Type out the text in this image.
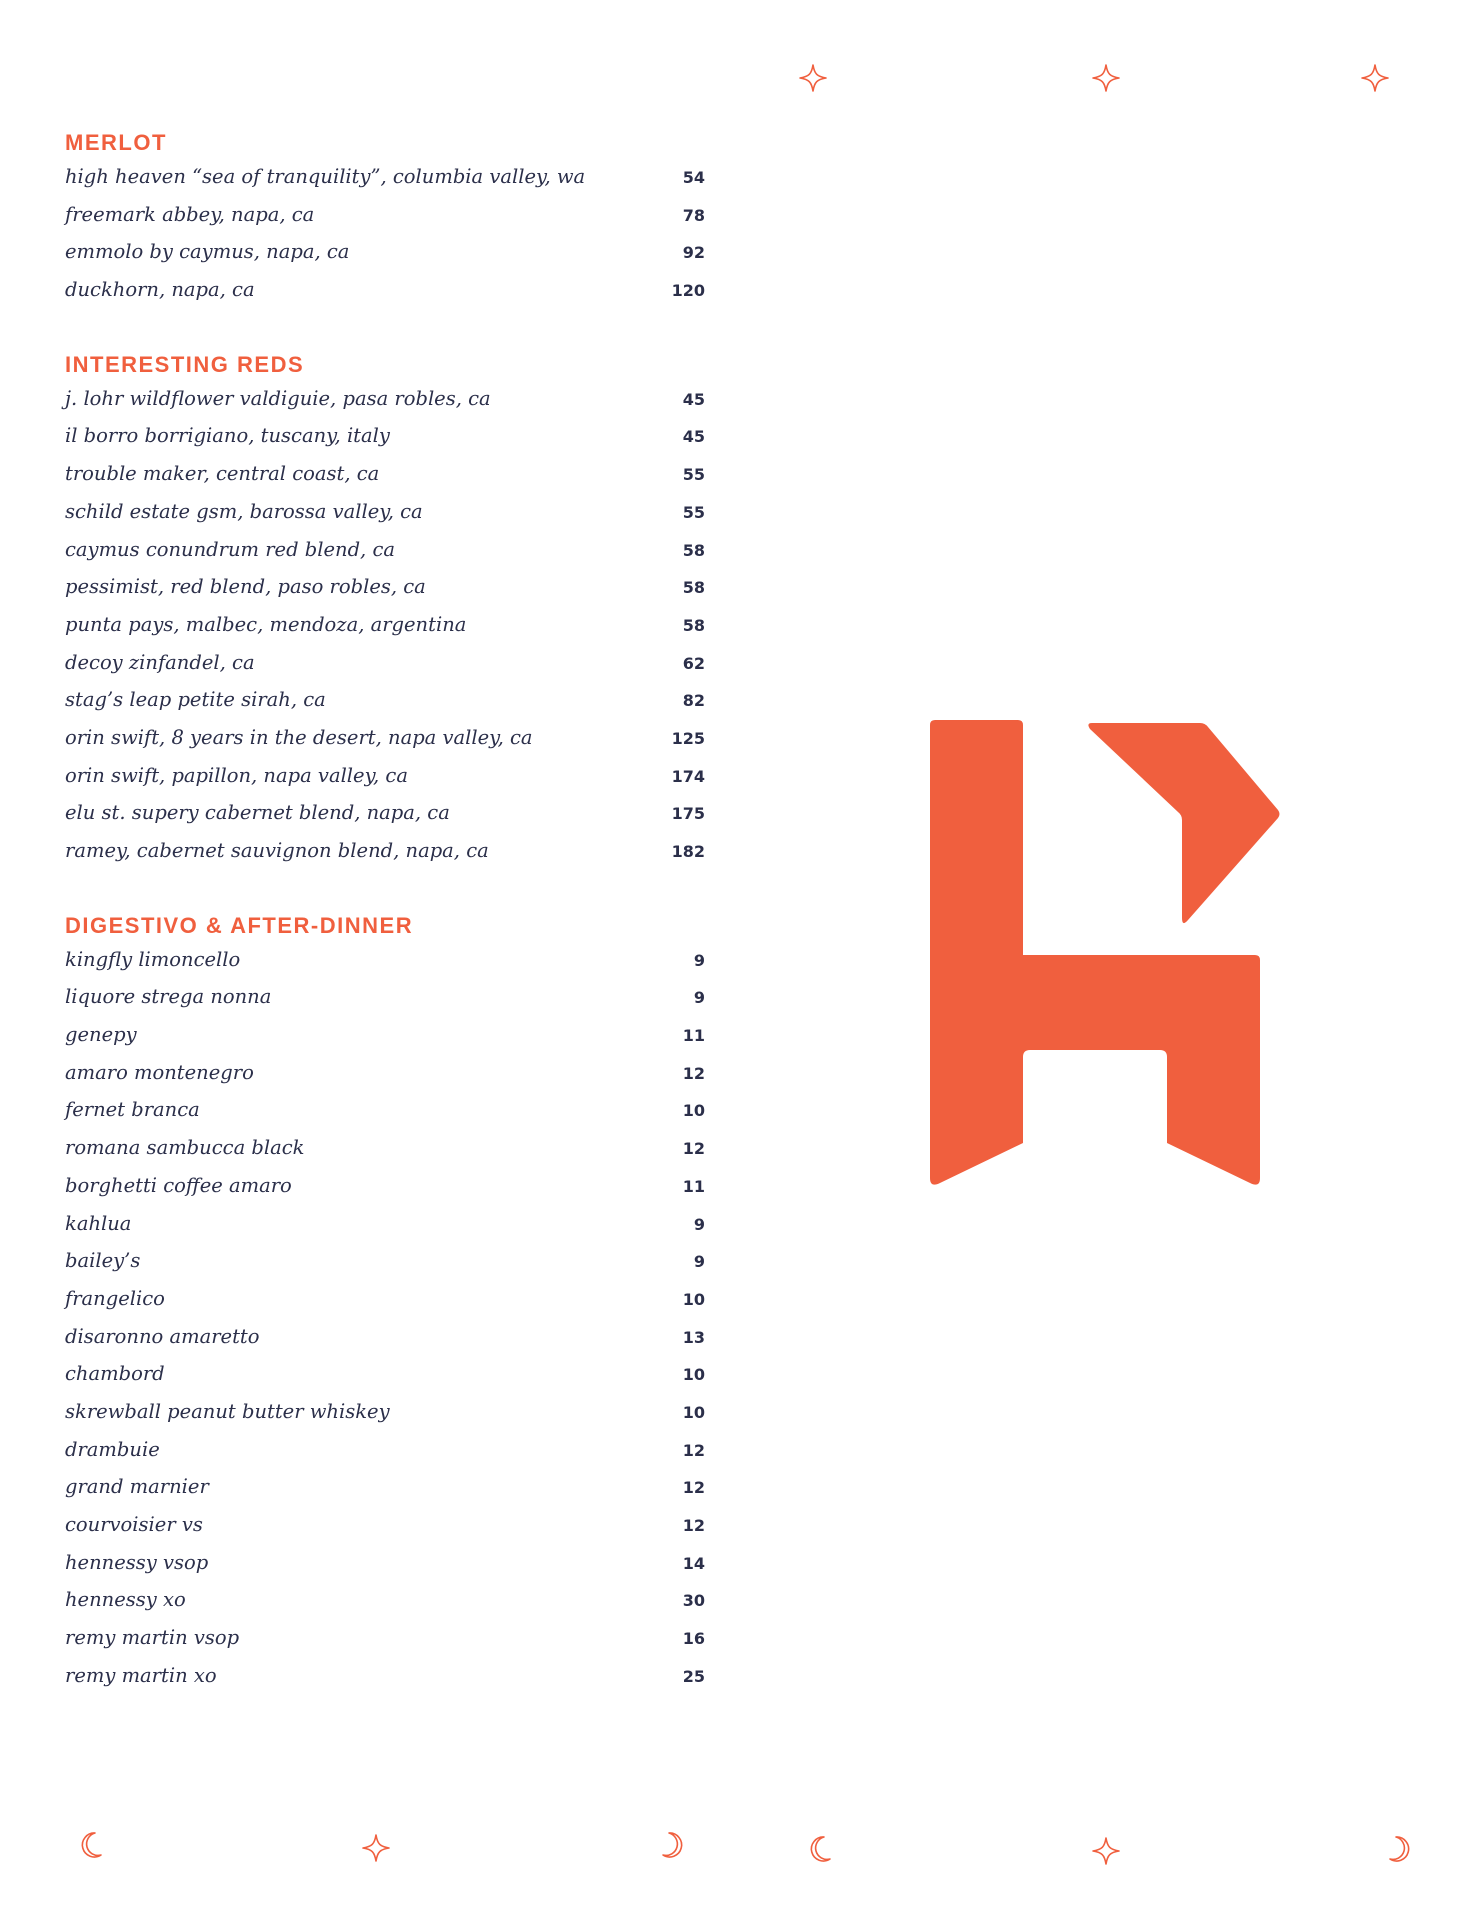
MERLOT
high heaven “sea of tranquility”, columbia valley, wa	54
freemark abbey, napa, ca	78
emmolo by caymus, napa, ca	92
duckhorn, napa, ca	120
INTERESTING REDS
j. lohr wildflower valdiguie, pasa robles, ca	45
il borro borrigiano, tuscany, italy	45
trouble maker, central coast, ca	55
schild estate gsm, barossa valley, ca	55
caymus conundrum red blend, ca	58
pessimist, red blend, paso robles, ca	58
punta pays, malbec, mendoza, argentina	58
decoy zinfandel, ca	62
stag’s leap petite sirah, ca	82
orin swift, 8 years in the desert, napa valley, ca	125
orin swift, papillon, napa valley, ca	174
elu st. supery cabernet blend, napa, ca	175
ramey, cabernet sauvignon blend, napa, ca	182
DIGESTIVO & AFTER-DINNER
kingfly limoncello	9
liquore strega nonna	9
genepy	11
amaro montenegro	12
fernet branca	10
romana sambucca black	12
borghetti coffee amaro	11
kahlua	9
bailey’s	9
frangelico	10
disaronno amaretto	13
chambord	10
skrewball peanut butter whiskey	10
drambuie	12
grand marnier	12
courvoisier vs	12
hennessy vsop	14
hennessy xo	30
remy martin vsop	16
remy martin xo	25
